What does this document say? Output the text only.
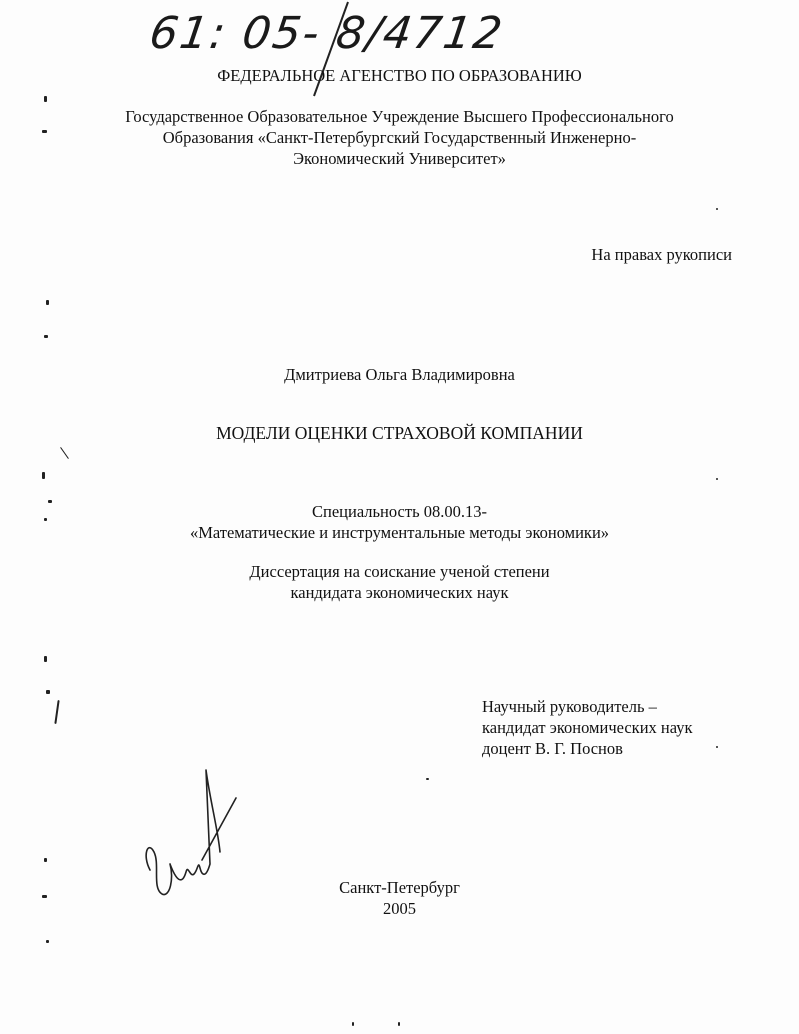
61: 05- 8/4712
ФЕДЕРАЛЬНОЕ АГЕНСТВО ПО ОБРАЗОВАНИЮ
Государственное Образовательное Учреждение Высшего Профессионального
Образования «Санкт-Петербургский Государственный Инженерно-
Экономический Университет»
На правах рукописи
Дмитриева Ольга Владимировна
МОДЕЛИ ОЦЕНКИ СТРАХОВОЙ КОМПАНИИ
Специальность 08.00.13-
«Математические и инструментальные методы экономики»
Диссертация на соискание ученой степени
кандидата экономических наук
Научный руководитель –
кандидат экономических наук
доцент В. Г. Поснов
Санкт-Петербург
2005
